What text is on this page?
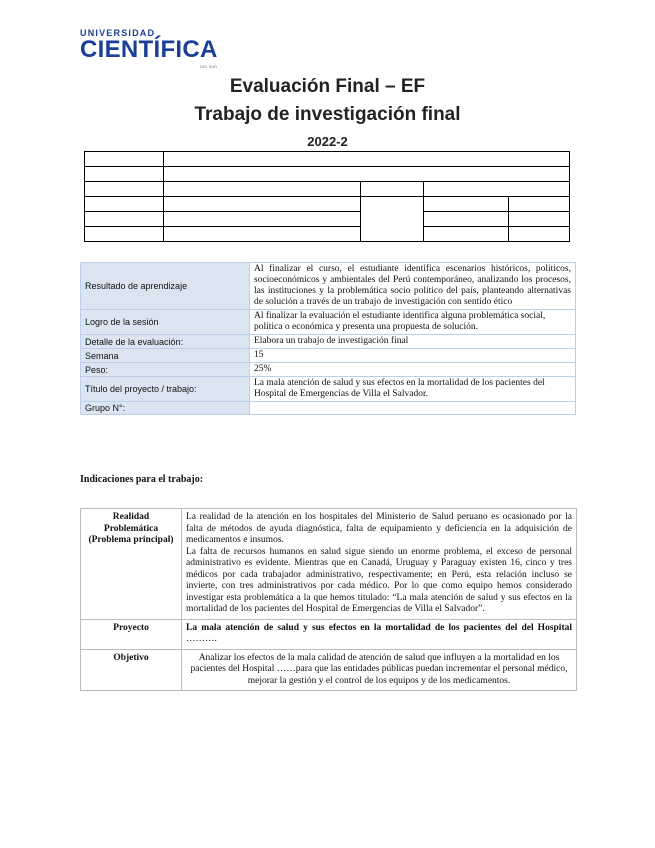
UNIVERSIDAD
CIENTÍFICA
DEL SUR
Evaluación Final – EF
Trabajo de investigación final
2022-2

Resultado de aprendizaje	Al finalizar el curso, el estudiante identifica escenarios históricos, políticos, socioeconómicos y ambientales del Perú contemporáneo, analizando los procesos, las instituciones y la problemática socio político del país, planteando alternativas de solución a través de un trabajo de investigación con sentido ético
Logro de la sesión	Al finalizar la evaluación el estudiante identifica alguna problemática social, política o económica y presenta una propuesta de solución.
Detalle de la evaluación:	Elabora un trabajo de investigación final
Semana	15
Peso:	25%
Título del proyecto / trabajo:	La mala atención de salud y sus efectos en la mortalidad de los pacientes del Hospital de Emergencias de Villa el Salvador.
Grupo N°:	
Indicaciones para el trabajo:
Realidad Problemática (Problema principal)	La realidad de la atención en los hospitales del Ministerio de Salud peruano es ocasionado por la falta de métodos de ayuda diagnóstica, falta de equipamiento y deficiencia en la adquisición de medicamentos e insumos.
La falta de recursos humanos en salud sigue siendo un enorme problema, el exceso de personal administrativo es evidente. Mientras que en Canadá, Uruguay y Paraguay existen 16, cinco y tres médicos por cada trabajador administrativo, respectivamente; en Perú, esta relación incluso se invierte, con tres administrativos por cada médico. Por lo que como equipo hemos considerado investigar esta problemática a la que hemos titulado: “La mala atención de salud y sus efectos en la mortalidad de los pacientes del Hospital de Emergencias de Villa el Salvador”.

Proyecto	La mala atención de salud y sus efectos en la mortalidad de los pacientes del del Hospital ……….
Objetivo	Analizar los efectos de la mala calidad de atención de salud que influyen a la mortalidad en los pacientes del Hospital ……para que las entidades públicas puedan incrementar el personal médico, mejorar la gestión y el control de los equipos y de los medicamentos.
